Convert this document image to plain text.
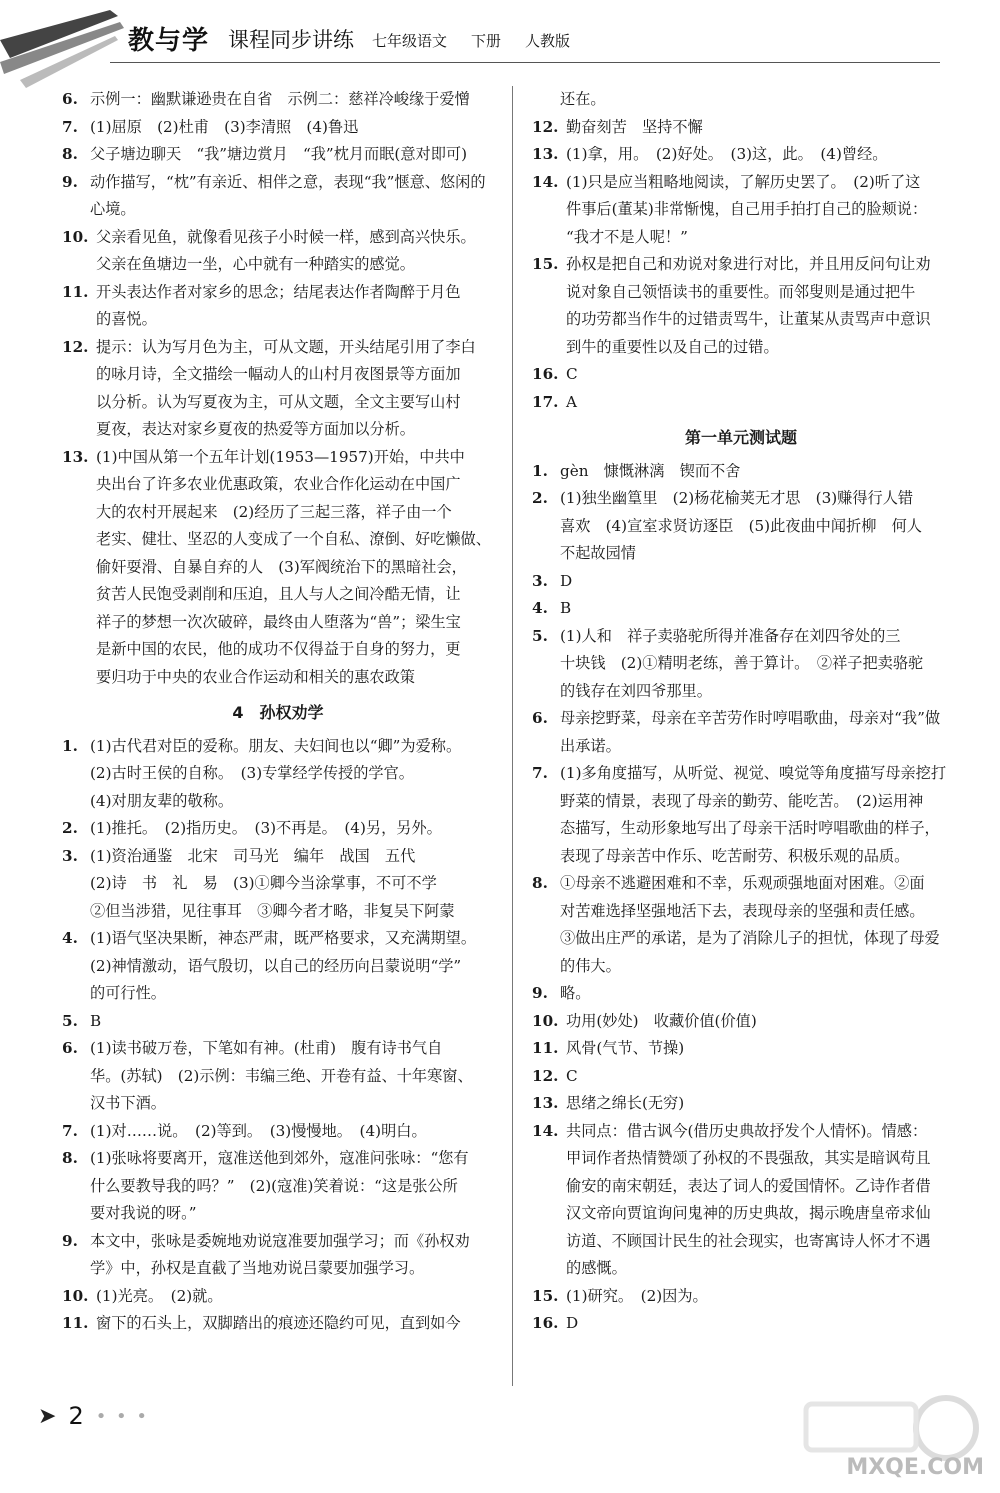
教与学 课程同步讲练 七年级语文 下册 人教版
6. 示例一：幽默谦逊贵在自省　示例二：慈祥冷峻缘于爱憎
7. (1)屈原　(2)杜甫　(3)李清照　(4)鲁迅
8. 父子塘边聊天　“我”塘边赏月　“我”枕月而眠(意对即可)
9. 动作描写，“枕”有亲近、相伴之意，表现“我”惬意、悠闲的
心境。
10. 父亲看见鱼，就像看见孩子小时候一样，感到高兴快乐。
父亲在鱼塘边一坐，心中就有一种踏实的感觉。
11. 开头表达作者对家乡的思念；结尾表达作者陶醉于月色
的喜悦。
12. 提示：认为写月色为主，可从文题，开头结尾引用了李白
的咏月诗，全文描绘一幅动人的山村月夜图景等方面加
以分析。认为写夏夜为主，可从文题，全文主要写山村
夏夜，表达对家乡夏夜的热爱等方面加以分析。
13. (1)中国从第一个五年计划(1953—1957)开始，中共中
央出台了许多农业优惠政策，农业合作化运动在中国广
大的农村开展起来　(2)经历了三起三落，祥子由一个
老实、健壮、坚忍的人变成了一个自私、潦倒、好吃懒做、
偷奸耍滑、自暴自弃的人　(3)军阀统治下的黑暗社会，
贫苦人民饱受剥削和压迫，且人与人之间冷酷无情，让
祥子的梦想一次次破碎，最终由人堕落为“兽”；梁生宝
是新中国的农民，他的成功不仅得益于自身的努力，更
要归功于中央的农业合作运动和相关的惠农政策
4　孙权劝学
1. (1)古代君对臣的爱称。朋友、夫妇间也以“卿”为爱称。
(2)古时王侯的自称。　(3)专掌经学传授的学官。
(4)对朋友辈的敬称。
2. (1)推托。　(2)指历史。　(3)不再是。　(4)另，另外。
3. (1)资治通鉴　北宋　司马光　编年　战国　五代
(2)诗　书　礼　易　(3)①卿今当涂掌事，不可不学
②但当涉猎，见往事耳　③卿今者才略，非复吴下阿蒙
4. (1)语气坚决果断，神态严肃，既严格要求，又充满期望。
(2)神情激动，语气殷切，以自己的经历向吕蒙说明“学”
的可行性。
5. B
6. (1)读书破万卷，下笔如有神。(杜甫)　腹有诗书气自
华。(苏轼)　(2)示例：韦编三绝、开卷有益、十年寒窗、
汉书下酒。
7. (1)对……说。　(2)等到。　(3)慢慢地。　(4)明白。
8. (1)张咏将要离开，寇准送他到郊外，寇准问张咏：“您有
什么要教导我的吗？”　(2)(寇准)笑着说：“这是张公所
要对我说的呀。”
9. 本文中，张咏是委婉地劝说寇准要加强学习；而《孙权劝
学》中，孙权是直截了当地劝说吕蒙要加强学习。
10. (1)光亮。　(2)就。
11. 窗下的石头上，双脚踏出的痕迹还隐约可见，直到如今
还在。
12. 勤奋刻苦　坚持不懈
13. (1)拿，用。　(2)好处。　(3)这，此。　(4)曾经。
14. (1)只是应当粗略地阅读，了解历史罢了。　(2)听了这
件事后(董某)非常惭愧，自己用手拍打自己的脸颊说：
“我才不是人呢！”
15. 孙权是把自己和劝说对象进行对比，并且用反问句让劝
说对象自己领悟读书的重要性。而邻叟则是通过把牛
的功劳都当作牛的过错责骂牛，让董某从责骂声中意识
到牛的重要性以及自己的过错。
16. C
17. A
第一单元测试题
1. gèn　慷慨淋漓　锲而不舍
2. (1)独坐幽篁里　(2)杨花榆荚无才思　(3)赚得行人错
喜欢　(4)宣室求贤访逐臣　(5)此夜曲中闻折柳　何人
不起故园情
3. D
4. B
5. (1)人和　祥子卖骆驼所得并准备存在刘四爷处的三
十块钱　(2)①精明老练，善于算计。　②祥子把卖骆驼
的钱存在刘四爷那里。
6. 母亲挖野菜，母亲在辛苦劳作时哼唱歌曲，母亲对“我”做
出承诺。
7. (1)多角度描写，从听觉、视觉、嗅觉等角度描写母亲挖打
野菜的情景，表现了母亲的勤劳、能吃苦。　(2)运用神
态描写，生动形象地写出了母亲干活时哼唱歌曲的样子，
表现了母亲苦中作乐、吃苦耐劳、积极乐观的品质。
8. ①母亲不逃避困难和不幸，乐观顽强地面对困难。②面
对苦难选择坚强地活下去，表现母亲的坚强和责任感。
③做出庄严的承诺，是为了消除儿子的担忧，体现了母爱
的伟大。
9. 略。
10. 功用(妙处)　收藏价值(价值)
11. 风骨(气节、节操)
12. C
13. 思绪之绵长(无穷)
14. 共同点：借古讽今(借历史典故抒发个人情怀)。情感：
甲词作者热情赞颂了孙权的不畏强敌，其实是暗讽苟且
偷安的南宋朝廷，表达了词人的爱国情怀。乙诗作者借
汉文帝向贾谊询问鬼神的历史典故，揭示晚唐皇帝求仙
访道、不顾国计民生的社会现实，也寄寓诗人怀才不遇
的感慨。
15. (1)研究。　(2)因为。
16. D
➤ 2 • • •
MXQE.COM
